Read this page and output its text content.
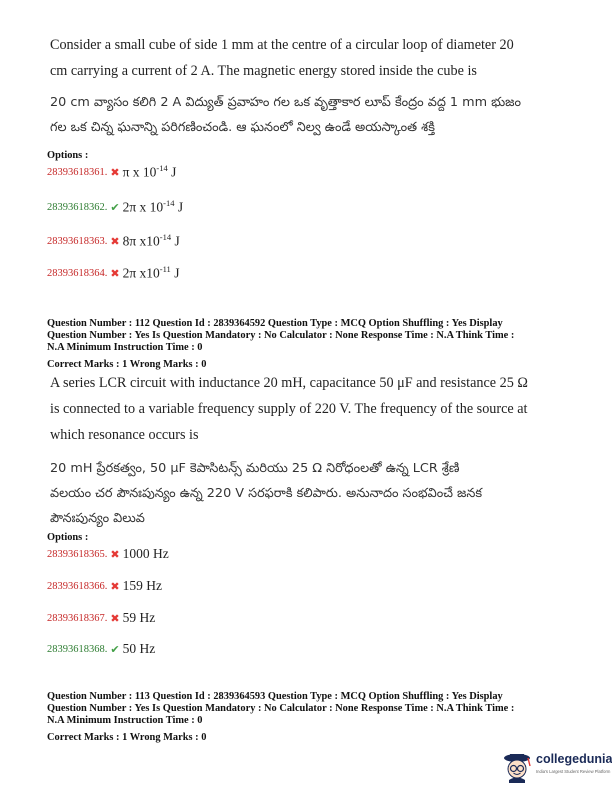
Consider a small cube of side 1 mm at the centre of a circular loop of diameter 20
cm carrying a current of 2 A. The magnetic energy stored inside the cube is
20 cm వ్యాసం కలిగి 2 A విద్యుత్ ప్రవాహం గల ఒక వృత్తాకార లూప్ కేంద్రం వద్ద 1 mm భుజం
గల ఒక చిన్న ఘనాన్ని పరిగణించండి. ఆ ఘనంలో నిల్వ ఉండే అయస్కాంత శక్తి
Options :
28393618361. ✖ π x $10^{-14}$ J
28393618362. ✔ 2π x $10^{-14}$ J
28393618363. ✖ 8π $x10^{-14}$ J
28393618364. ✖ 2π $x10^{-11}$ J
Question Number : 112 Question Id : 2839364592 Question Type : MCQ Option Shuffling : Yes Display
Question Number : Yes Is Question Mandatory : No Calculator : None Response Time : N.A Think Time :
N.A Minimum Instruction Time : 0
Correct Marks : 1 Wrong Marks : 0
A series LCR circuit with inductance 20 mH, capacitance 50 μF and resistance 25 Ω
is connected to a variable frequency supply of 220 V. The frequency of the source at
which resonance occurs is
20 mH ప్రేరకత్వం, 50 μF కెపాసిటన్స్ మరియు 25 Ω నిరోధంలతో ఉన్న LCR శ్రేణి
వలయం చర పౌనఃపున్యం ఉన్న 220 V సరఫరాకి కలిపారు. అనునాదం సంభవించే జనక
పౌనఃపున్యం విలువ
Options :
28393618365. ✖ 1000 Hz
28393618366. ✖ 159 Hz
28393618367. ✖ 59 Hz
28393618368. ✔ 50 Hz
Question Number : 113 Question Id : 2839364593 Question Type : MCQ Option Shuffling : Yes Display
Question Number : Yes Is Question Mandatory : No Calculator : None Response Time : N.A Think Time :
N.A Minimum Instruction Time : 0
Correct Marks : 1 Wrong Marks : 0
collegedunia
India's Largest Student Review Platform
